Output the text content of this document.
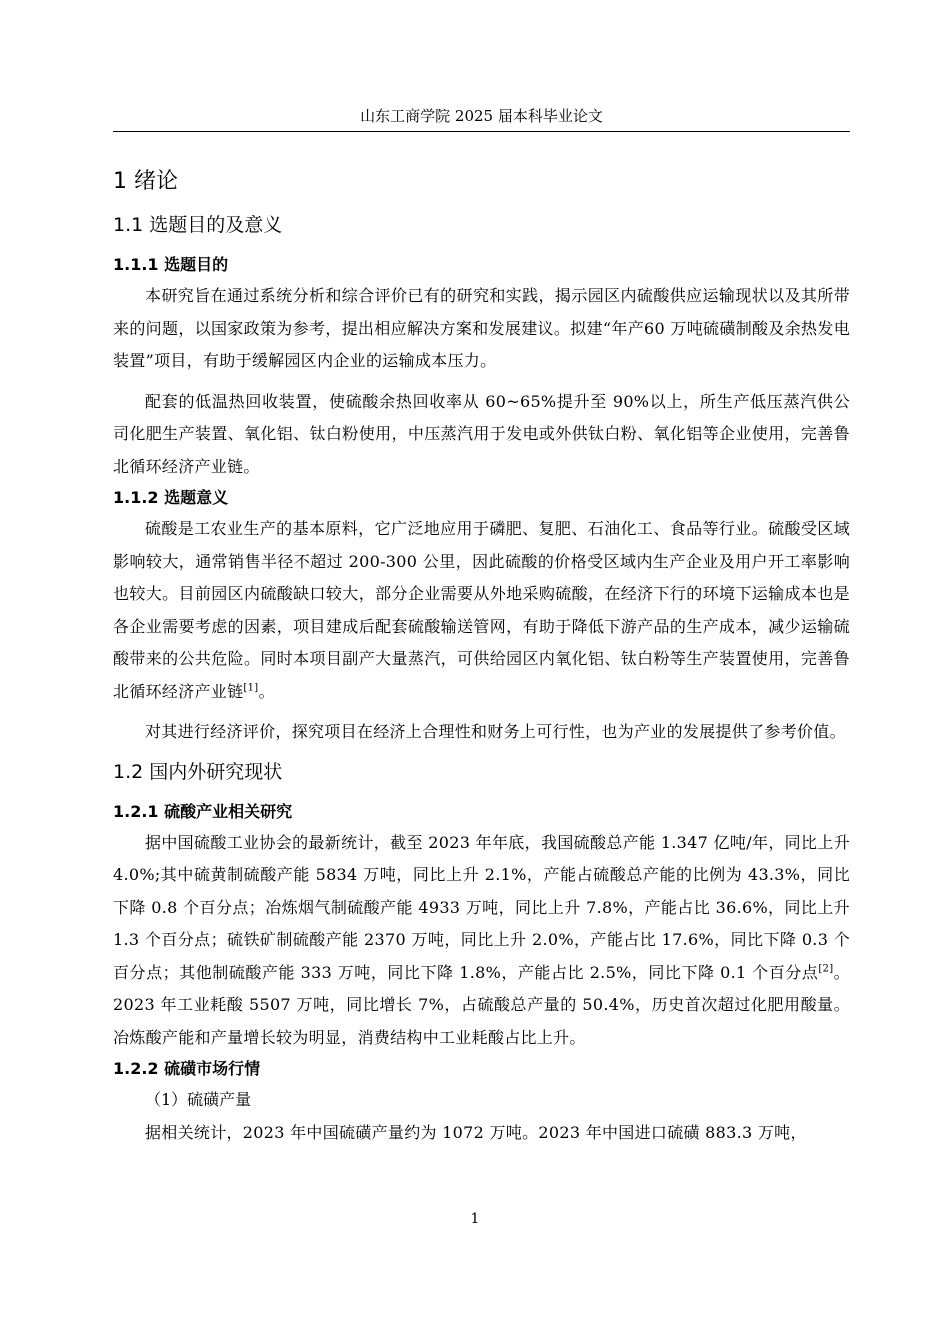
山东工商学院 2025 届本科毕业论文
1 绪论
1.1 选题目的及意义
1.1.1 选题目的

本研究旨在通过系统分析和综合评价已有的研究和实践，揭示园区内硫酸供应运输现状以及其所带来的问题，以国家政策为参考，提出相应解决方案和发展建议。拟建“年产60 万吨硫磺制酸及余热发电装置”项目，有助于缓解园区内企业的运输成本压力。

配套的低温热回收装置，使硫酸余热回收率从 60~65%提升至 90%以上，所生产低压蒸汽供公司化肥生产装置、氧化铝、钛白粉使用，中压蒸汽用于发电或外供钛白粉、氧化铝等企业使用，完善鲁北循环经济产业链。

1.1.2 选题意义

硫酸是工农业生产的基本原料，它广泛地应用于磷肥、复肥、石油化工、食品等行业。硫酸受区域影响较大，通常销售半径不超过 200-300 公里，因此硫酸的价格受区域内生产企业及用户开工率影响也较大。目前园区内硫酸缺口较大，部分企业需要从外地采购硫酸，在经济下行的环境下运输成本也是各企业需要考虑的因素，项目建成后配套硫酸输送管网，有助于降低下游产品的生产成本，减少运输硫酸带来的公共危险。同时本项目副产大量蒸汽，可供给园区内氧化铝、钛白粉等生产装置使用，完善鲁北循环经济产业链[1]。

对其进行经济评价，探究项目在经济上合理性和财务上可行性，也为产业的发展提供了参考价值。

1.2 国内外研究现状
1.2.1 硫酸产业相关研究

据中国硫酸工业协会的最新统计，截至 2023 年年底，我国硫酸总产能 1.347 亿吨/年，同比上升 4.0%;其中硫黄制硫酸产能 5834 万吨，同比上升 2.1%，产能占硫酸总产能的比例为 43.3%，同比下降 0.8 个百分点；冶炼烟气制硫酸产能 4933 万吨，同比上升 7.8%，产能占比 36.6%，同比上升 1.3 个百分点；硫铁矿制硫酸产能 2370 万吨，同比上升 2.0%，产能占比 17.6%，同比下降 0.3 个百分点；其他制硫酸产能 333 万吨，同比下降 1.8%，产能占比 2.5%，同比下降 0.1 个百分点[2]。2023 年工业耗酸 5507 万吨，同比增长 7%，占硫酸总产量的 50.4%，历史首次超过化肥用酸量。冶炼酸产能和产量增长较为明显，消费结构中工业耗酸占比上升。

1.2.2 硫磺市场行情

（1）硫磺产量

据相关统计，2023 年中国硫磺产量约为 1072 万吨。2023 年中国进口硫磺 883.3 万吨，

1
